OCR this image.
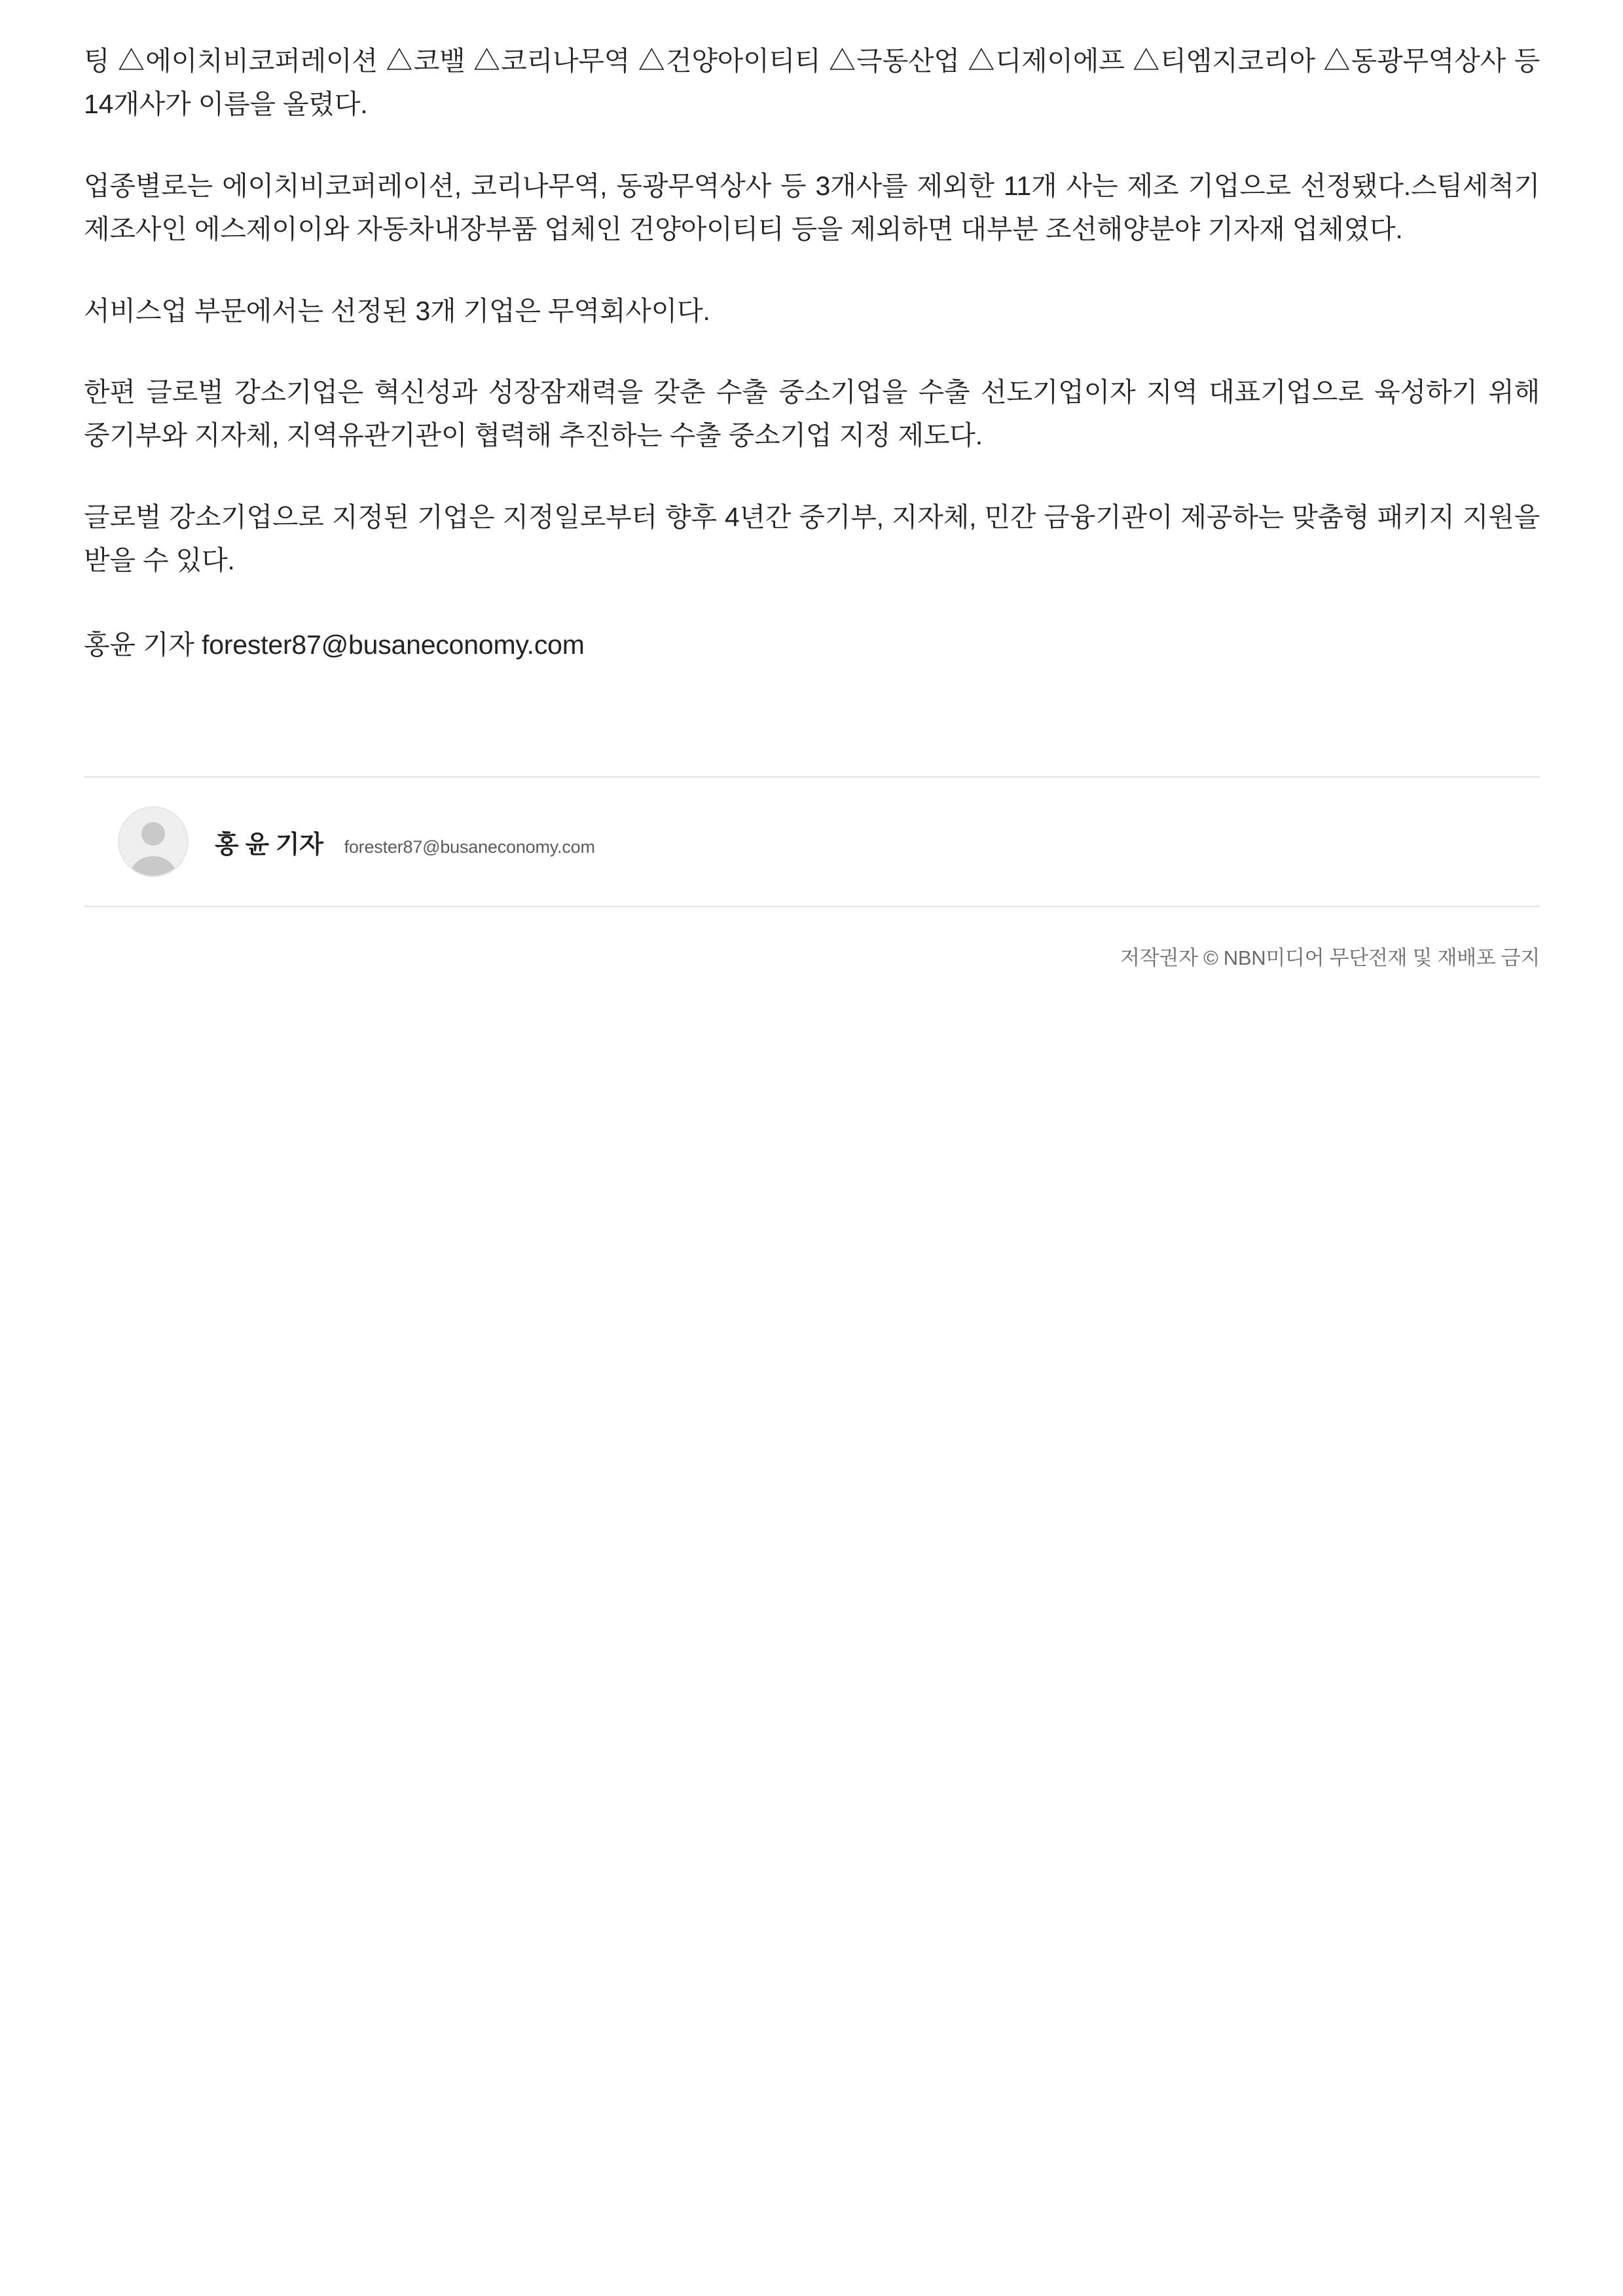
팅 △에이치비코퍼레이션 △코밸 △코리나무역 △건양아이티티 △극동산업 △디제이에프 △티엠지코리아 △동광무역상사 등 14개사가 이름을 올렸다.

업종별로는 에이치비코퍼레이션, 코리나무역, 동광무역상사 등 3개사를 제외한 11개 사는 제조 기업으로 선정됐다.스팀세척기 제조사인 에스제이이와 자동차내장부품 업체인 건양아이티티 등을 제외하면 대부분 조선해양분야 기자재 업체였다.

서비스업 부문에서는 선정된 3개 기업은 무역회사이다.

한편 글로벌 강소기업은 혁신성과 성장잠재력을 갖춘 수출 중소기업을 수출 선도기업이자 지역 대표기업으로 육성하기 위해 중기부와 지자체, 지역유관기관이 협력해 추진하는 수출 중소기업 지정 제도다.

글로벌 강소기업으로 지정된 기업은 지정일로부터 향후 4년간 중기부, 지자체, 민간 금융기관이 제공하는 맞춤형 패키지 지원을 받을 수 있다.

홍윤 기자 forester87@busaneconomy.com

홍 윤 기자 forester87@busaneconomy.com
저작권자 © NBN미디어 무단전재 및 재배포 금지
